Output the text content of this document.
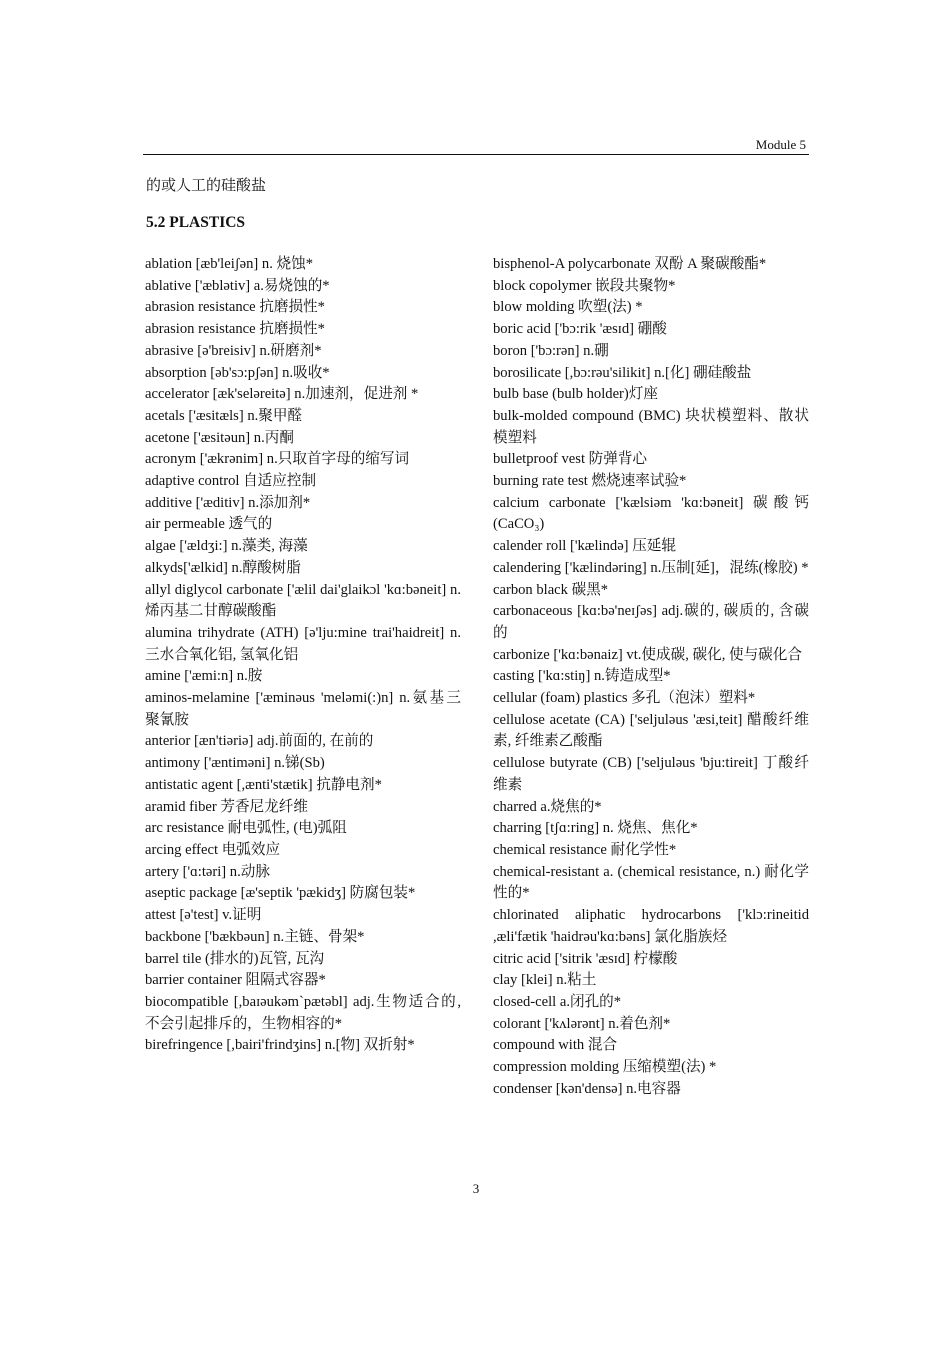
Module 5
的或人工的硅酸盐
5.2 PLASTICS

ablation [æb'leiʃən] n. 烧蚀*

ablative ['æblətiv] a.易烧蚀的*

abrasion resistance 抗磨损性*

abrasion resistance 抗磨损性*

abrasive [ə'breisiv] n.研磨剂*

absorption [əb'sɔ:pʃən] n.吸收*

accelerator [æk'seləreitə] n.加速剂，促进剂 *

acetals ['æsitæls] n.聚甲醛

acetone ['æsitəun] n.丙酮

acronym ['ækrənim] n.只取首字母的缩写词

adaptive control 自适应控制

additive ['æditiv] n.添加剂*

air permeable 透气的

algae ['ældʒi:] n.藻类, 海藻

alkyds['ælkid] n.醇酸树脂

allyl diglycol carbonate ['ælil dai'glaikɔl 'kɑ:bəneit] n.烯丙基二甘醇碳酸酯

alumina trihydrate (ATH) [ə'lju:mine trai'haidreit] n.三水合氧化铝, 氢氧化铝

amine ['æmi:n] n.胺

aminos-melamine ['æminəus 'meləmi(:)n] n.氨基三聚氰胺

anterior [æn'tiəriə] adj.前面的, 在前的

antimony ['æntiməni] n.锑(Sb)

antistatic agent [,ænti'stætik] 抗静电剂*

aramid fiber 芳香尼龙纤维

arc resistance 耐电弧性, (电)弧阻

arcing effect 电弧效应

artery ['ɑ:təri] n.动脉

aseptic package [æ'septik 'pækidʒ] 防腐包装*

attest [ə'test] v.证明

backbone ['bækbəun] n.主链、骨架*

barrel tile (排水的)瓦管, 瓦沟

barrier container 阻隔式容器*

biocompatible [,baɪəukəm`pætəbl] adj.生物适合的, 不会引起排斥的，生物相容的*

birefringence [,bairi'frindʒins] n.[物] 双折射*

bisphenol-A polycarbonate 双酚 A 聚碳酸酯*

block copolymer 嵌段共聚物*

blow molding 吹塑(法) *

boric acid ['bɔ:rik 'æsɪd] 硼酸

boron ['bɔ:rən] n.硼

borosilicate [,bɔ:rəu'silikit] n.[化] 硼硅酸盐

bulb base (bulb holder)灯座

bulk-molded compound (BMC) 块状模塑料、散状模塑料

bulletproof vest 防弹背心

burning rate test 燃烧速率试验*

calcium carbonate ['kælsiəm 'kɑ:bəneit] 碳酸钙(CaCO₃)

calender roll ['kælində] 压延辊

calendering ['kælindəring] n.压制[延]，混练(橡胶) *

carbon black 碳黑*

carbonaceous [kɑ:bə'neɪʃəs] adj.碳的, 碳质的, 含碳的

carbonize ['kɑ:bənaiz] vt.使成碳, 碳化, 使与碳化合

casting ['kɑ:stiŋ] n.铸造成型*

cellular (foam) plastics 多孔（泡沫）塑料*

cellulose acetate (CA) ['seljuləus 'æsi,teit] 醋酸纤维素, 纤维素乙酸酯

cellulose butyrate (CB) ['seljuləus 'bju:tireit] 丁酸纤维素

charred a.烧焦的*

charring [tʃɑ:ring] n. 烧焦、焦化*

chemical resistance 耐化学性*

chemical-resistant a. (chemical resistance, n.) 耐化学性的*

chlorinated aliphatic hydrocarbons ['klɔ:rineitid ,æli'fætik 'haidrəu'kɑ:bəns] 氯化脂族烃

citric acid ['sitrik 'æsɪd] 柠檬酸

clay [klei] n.粘土

closed-cell a.闭孔的*

colorant ['kʌlərənt] n.着色剂*

compound with 混合

compression molding 压缩模塑(法) *

condenser [kən'densə] n.电容器

3
